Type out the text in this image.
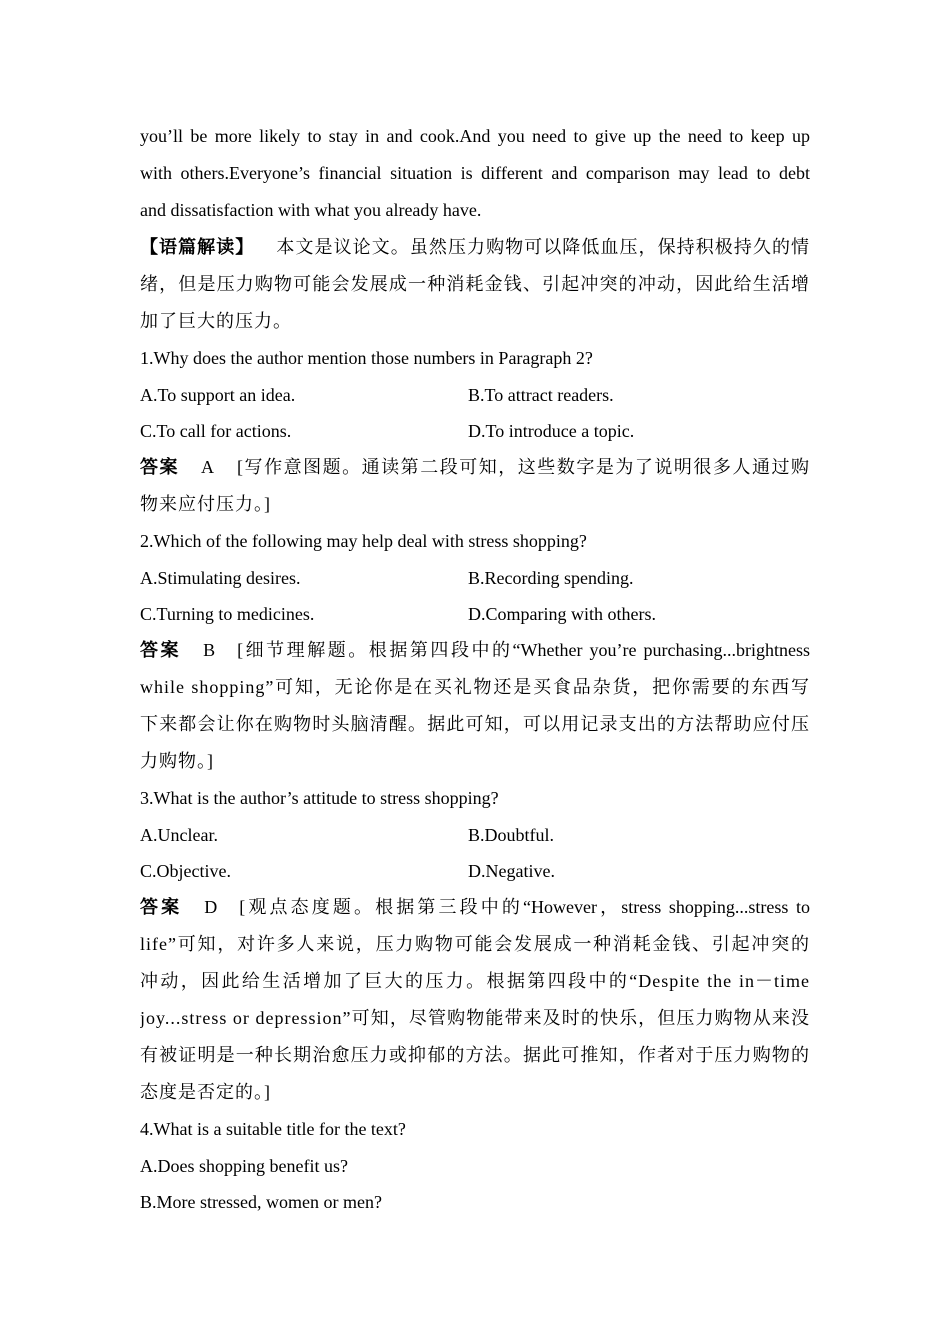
you’ll be more likely to stay in and cook.And you need to give up the need to keep up
with others.Everyone’s financial situation is different and comparison may lead to debt
and dissatisfaction with what you already have.
【语篇解读】 本文是议论文。虽然压力购物可以降低血压，保持积极持久的情
绪，但是压力购物可能会发展成一种消耗金钱、引起冲突的冲动，因此给生活增
加了巨大的压力。
1.Why does the author mention those numbers in Paragraph 2?
A.To support an idea.	B.To attract readers.
C.To call for actions.	D.To introduce a topic.
答案 A [写作意图题。通读第二段可知，这些数字是为了说明很多人通过购
物来应付压力。]
2.Which of the following may help deal with stress shopping?
A.Stimulating desires.	B.Recording spending.
C.Turning to medicines.	D.Comparing with others.
答案 B [细节理解题。根据第四段中的“Whether you’re purchasing...brightness
while shopping”可知，无论你是在买礼物还是买食品杂货，把你需要的东西写
下来都会让你在购物时头脑清醒。据此可知，可以用记录支出的方法帮助应付压
力购物。]
3.What is the author’s attitude to stress shopping?
A.Unclear.	B.Doubtful.
C.Objective.	D.Negative.
答案 D [观点态度题。根据第三段中的“However，stress shopping...stress to
life”可知，对许多人来说，压力购物可能会发展成一种消耗金钱、引起冲突的
冲动，因此给生活增加了巨大的压力。根据第四段中的“Despite the in－time
joy...stress or depression”可知，尽管购物能带来及时的快乐，但压力购物从来没
有被证明是一种长期治愈压力或抑郁的方法。据此可推知，作者对于压力购物的
态度是否定的。]
4.What is a suitable title for the text?
A.Does shopping benefit us?
B.More stressed, women or men?
